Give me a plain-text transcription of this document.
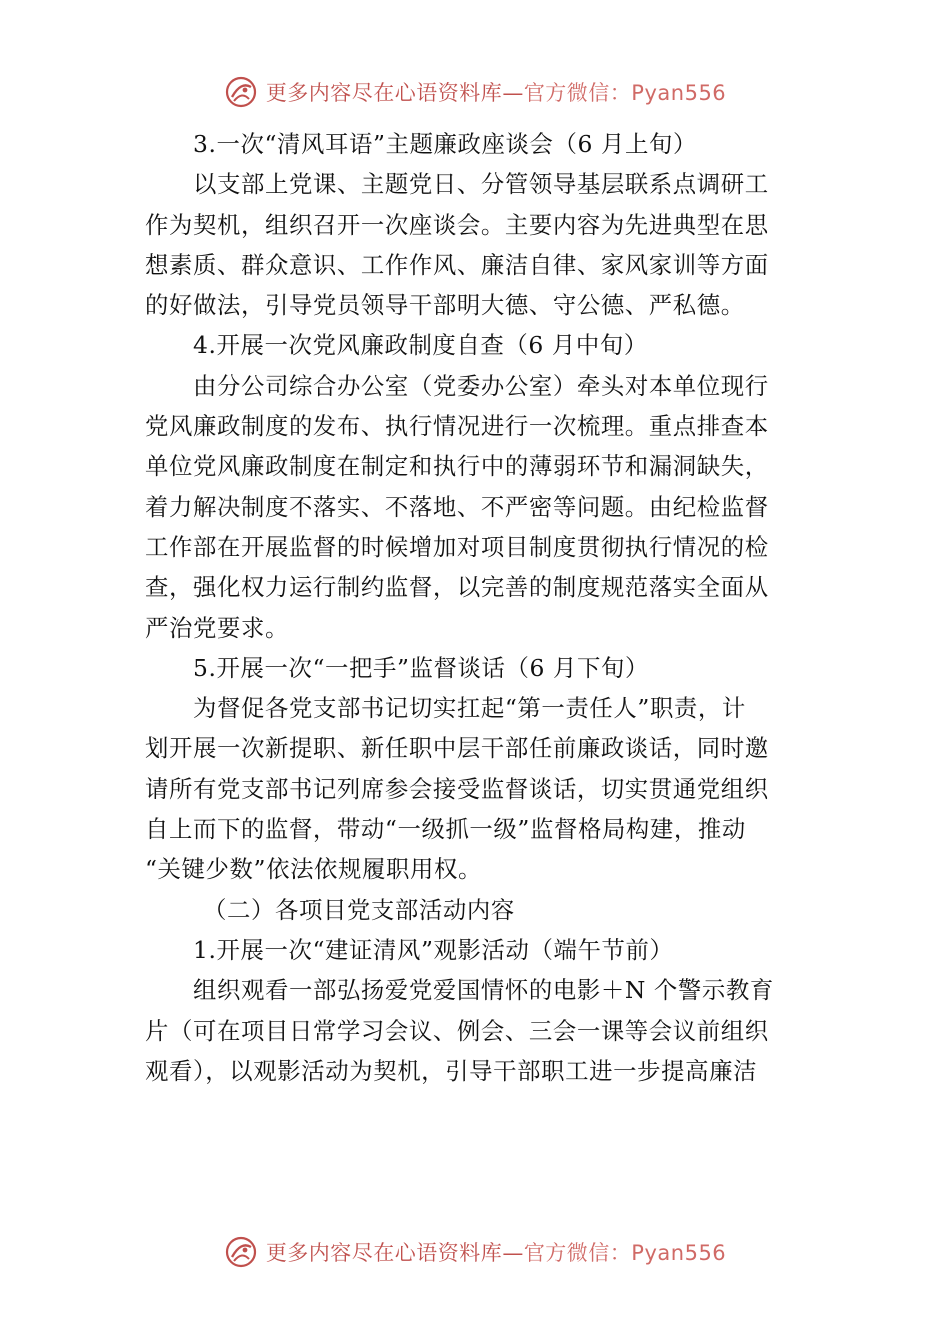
更多内容尽在心语资料库—官方微信：Pyan556
3.一次“清风耳语”主题廉政座谈会（6 月上旬）
以支部上党课、主题党日、分管领导基层联系点调研工
作为契机，组织召开一次座谈会。主要内容为先进典型在思
想素质、群众意识、工作作风、廉洁自律、家风家训等方面
的好做法，引导党员领导干部明大德、守公德、严私德。
4.开展一次党风廉政制度自查（6 月中旬）
由分公司综合办公室（党委办公室）牵头对本单位现行
党风廉政制度的发布、执行情况进行一次梳理。重点排查本
单位党风廉政制度在制定和执行中的薄弱环节和漏洞缺失，
着力解决制度不落实、不落地、不严密等问题。由纪检监督
工作部在开展监督的时候增加对项目制度贯彻执行情况的检
查，强化权力运行制约监督，以完善的制度规范落实全面从
严治党要求。
5.开展一次“一把手”监督谈话（6 月下旬）
为督促各党支部书记切实扛起“第一责任人”职责，计
划开展一次新提职、新任职中层干部任前廉政谈话，同时邀
请所有党支部书记列席参会接受监督谈话，切实贯通党组织
自上而下的监督，带动“一级抓一级”监督格局构建，推动
“关键少数”依法依规履职用权。
（二）各项目党支部活动内容
1.开展一次“建证清风”观影活动（端午节前）
组织观看一部弘扬爱党爱国情怀的电影＋N 个警示教育
片（可在项目日常学习会议、例会、三会一课等会议前组织
观看），以观影活动为契机，引导干部职工进一步提高廉洁
更多内容尽在心语资料库—官方微信：Pyan556
